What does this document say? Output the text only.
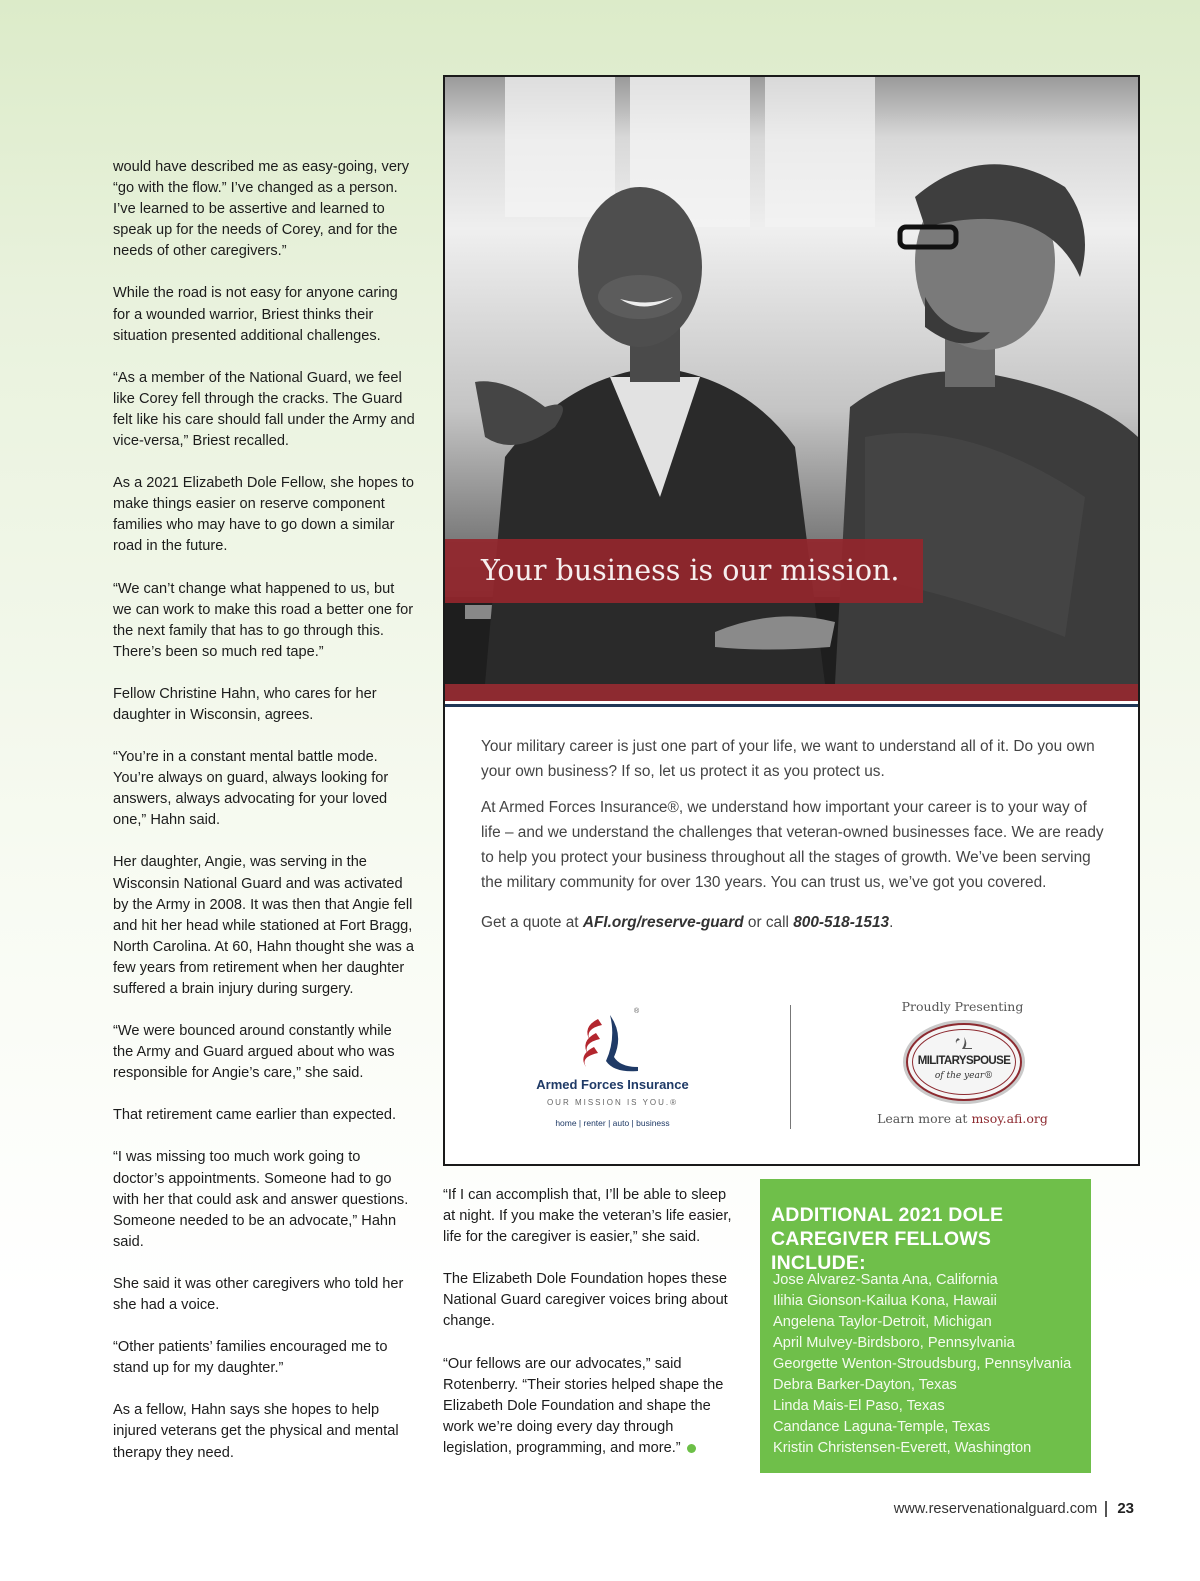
would have described me as easy-going, very “go with the flow.” I’ve changed as a person. I’ve learned to be assertive and learned to speak up for the needs of Corey, and for the needs of other caregivers.”

While the road is not easy for anyone caring for a wounded warrior, Briest thinks their situation presented additional challenges.

“As a member of the National Guard, we feel like Corey fell through the cracks. The Guard felt like his care should fall under the Army and vice-versa,” Briest recalled.

As a 2021 Elizabeth Dole Fellow, she hopes to make things easier on reserve component families who may have to go down a similar road in the future.

“We can’t change what happened to us, but we can work to make this road a better one for the next family that has to go through this. There’s been so much red tape.”

Fellow Christine Hahn, who cares for her daughter in Wisconsin, agrees.

“You’re in a constant mental battle mode. You’re always on guard, always looking for answers, always advocating for your loved one,” Hahn said.

Her daughter, Angie, was serving in the Wisconsin National Guard and was activated by the Army in 2008. It was then that Angie fell and hit her head while stationed at Fort Bragg, North Carolina. At 60, Hahn thought she was a few years from retirement when her daughter suffered a brain injury during surgery.

“We were bounced around constantly while the Army and Guard argued about who was responsible for Angie’s care,” she said.

That retirement came earlier than expected.

“I was missing too much work going to doctor’s appointments. Someone had to go with her that could ask and answer questions. Someone needed to be an advocate,” Hahn said.

She said it was other caregivers who told her she had a voice.

“Other patients’ families encouraged me to stand up for my daughter.”

As a fellow, Hahn says she hopes to help injured veterans get the physical and mental therapy they need.

Your business is our mission.

Your military career is just one part of your life, we want to understand all of it. Do you own your own business? If so, let us protect it as you protect us.

At Armed Forces Insurance®, we understand how important your career is to your way of life – and we understand the challenges that veteran-owned businesses face. We are ready to help you protect your business throughout all the stages of growth. We’ve been serving the military community for over 130 years. You can trust us, we’ve got you covered.

Get a quote at AFI.org/reserve-guard or call 800-518-1513.

®
Armed Forces Insurance
OUR MISSION IS YOU.®
home | renter | auto | business
Proudly Presenting
MILITARYSPOUSE
of the year®
Learn more at msoy.afi.org

“If I can accomplish that, I’ll be able to sleep at night. If you make the veteran’s life easier, life for the caregiver is easier,” she said.

The Elizabeth Dole Foundation hopes these National Guard caregiver voices bring about change.

“Our fellows are our advocates,” said Rotenberry. “Their stories helped shape the Elizabeth Dole Foundation and shape the work we’re doing every day through legislation, programming, and more.”

ADDITIONAL 2021 DOLE CAREGIVER FELLOWS INCLUDE:
Jose Alvarez-Santa Ana, California
Ilihia Gionson-Kailua Kona, Hawaii
Angelena Taylor-Detroit, Michigan
April Mulvey-Birdsboro, Pennsylvania
Georgette Wenton-Stroudsburg, Pennsylvania
Debra Barker-Dayton, Texas
Linda Mais-El Paso, Texas
Candance Laguna-Temple, Texas
Kristin Christensen-Everett, Washington
www.reservenationalguard.com 23
